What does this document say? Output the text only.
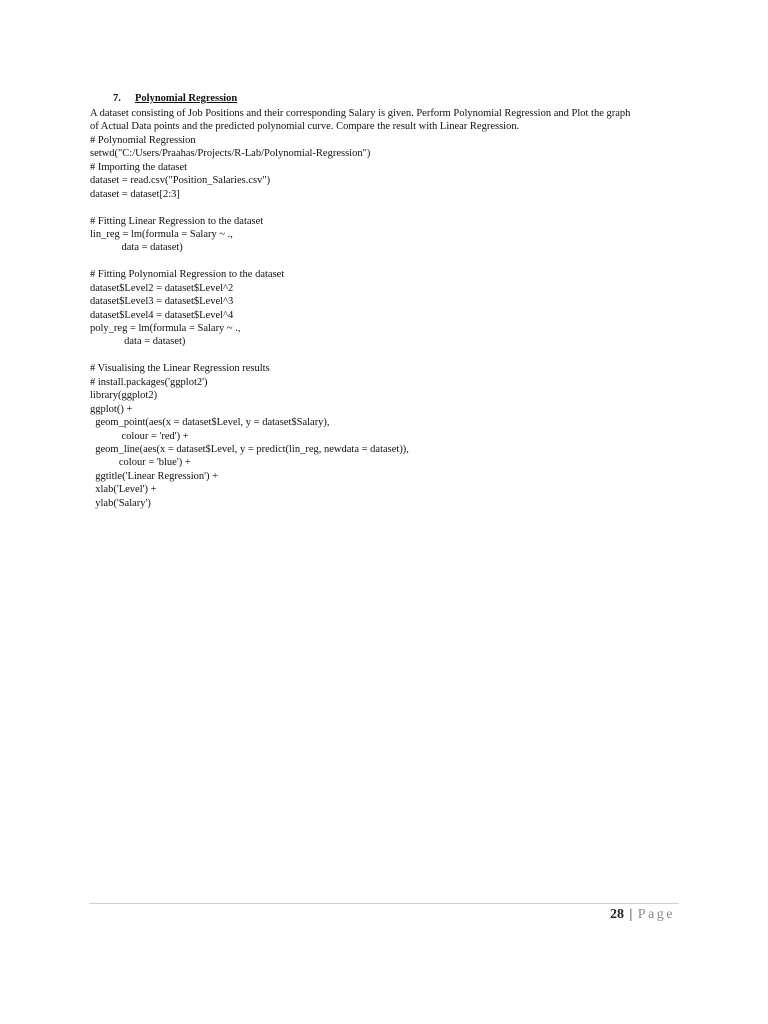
7. Polynomial Regression
A dataset consisting of Job Positions and their corresponding Salary is given. Perform Polynomial Regression and Plot the graph
of Actual Data points and the predicted polynomial curve. Compare the result with Linear Regression.
# Polynomial Regression
setwd("C:/Users/Praahas/Projects/R-Lab/Polynomial-Regression")
# Importing the dataset
dataset = read.csv("Position_Salaries.csv")
dataset = dataset[2:3]
# Fitting Linear Regression to the dataset
lin_reg = lm(formula = Salary ~ .,
data = dataset)
# Fitting Polynomial Regression to the dataset
dataset$Level2 = dataset$Level^2
dataset$Level3 = dataset$Level^3
dataset$Level4 = dataset$Level^4
poly_reg = lm(formula = Salary ~ .,
data = dataset)
# Visualising the Linear Regression results
# install.packages('ggplot2')
library(ggplot2)
ggplot() +
geom_point(aes(x = dataset$Level, y = dataset$Salary),
colour = 'red') +
geom_line(aes(x = dataset$Level, y = predict(lin_reg, newdata = dataset)),
colour = 'blue') +
ggtitle('Linear Regression') +
xlab('Level') +
ylab('Salary')
28 | Page
